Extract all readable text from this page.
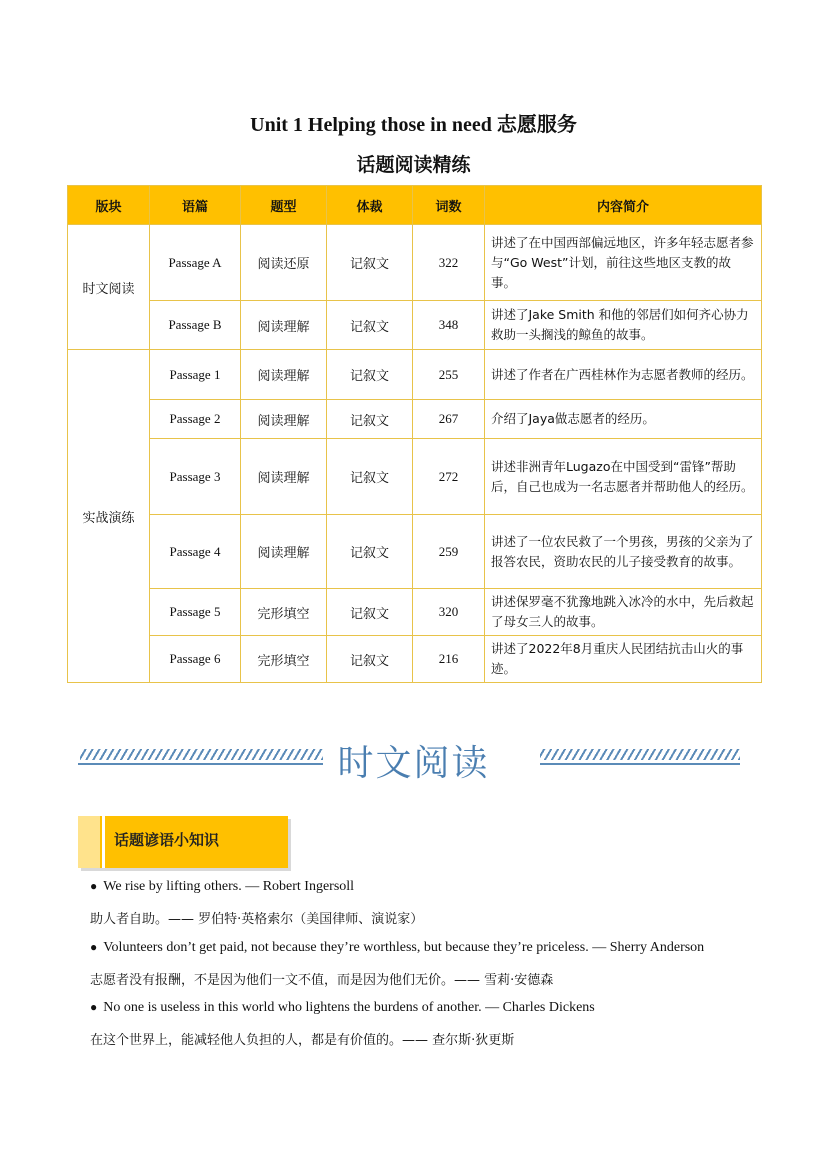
Unit 1 Helping those in need 志愿服务
话题阅读精练
版块	语篇	题型	体裁	词数	内容简介
时文阅读	Passage A	阅读还原	记叙文	322	讲述了在中国西部偏远地区，许多年轻志愿者参与“Go West”计划，前往这些地区支教的故事。
	Passage B	阅读理解	记叙文	348	讲述了Jake Smith 和他的邻居们如何齐心协力救助一头搁浅的鲸鱼的故事。
实战演练	Passage 1	阅读理解	记叙文	255	讲述了作者在广西桂林作为志愿者教师的经历。
	Passage 2	阅读理解	记叙文	267	介绍了Jaya做志愿者的经历。
	Passage 3	阅读理解	记叙文	272	讲述非洲青年Lugazo在中国受到“雷锋”帮助后，自己也成为一名志愿者并帮助他人的经历。
	Passage 4	阅读理解	记叙文	259	讲述了一位农民救了一个男孩，男孩的父亲为了报答农民，资助农民的儿子接受教育的故事。
	Passage 5	完形填空	记叙文	320	讲述保罗毫不犹豫地跳入冰冷的水中，先后救起了母女三人的故事。
	Passage 6	完形填空	记叙文	216	讲述了2022年8月重庆人民团结抗击山火的事迹。
时文阅读
话题谚语小知识
● We rise by lifting others. — Robert Ingersoll
助人者自助。—— 罗伯特·英格索尔（美国律师、演说家）
● Volunteers don’t get paid, not because they’re worthless, but because they’re priceless. — Sherry Anderson
志愿者没有报酬，不是因为他们一文不值，而是因为他们无价。—— 雪莉·安德森
● No one is useless in this world who lightens the burdens of another. — Charles Dickens
在这个世界上，能减轻他人负担的人，都是有价值的。—— 查尔斯·狄更斯
